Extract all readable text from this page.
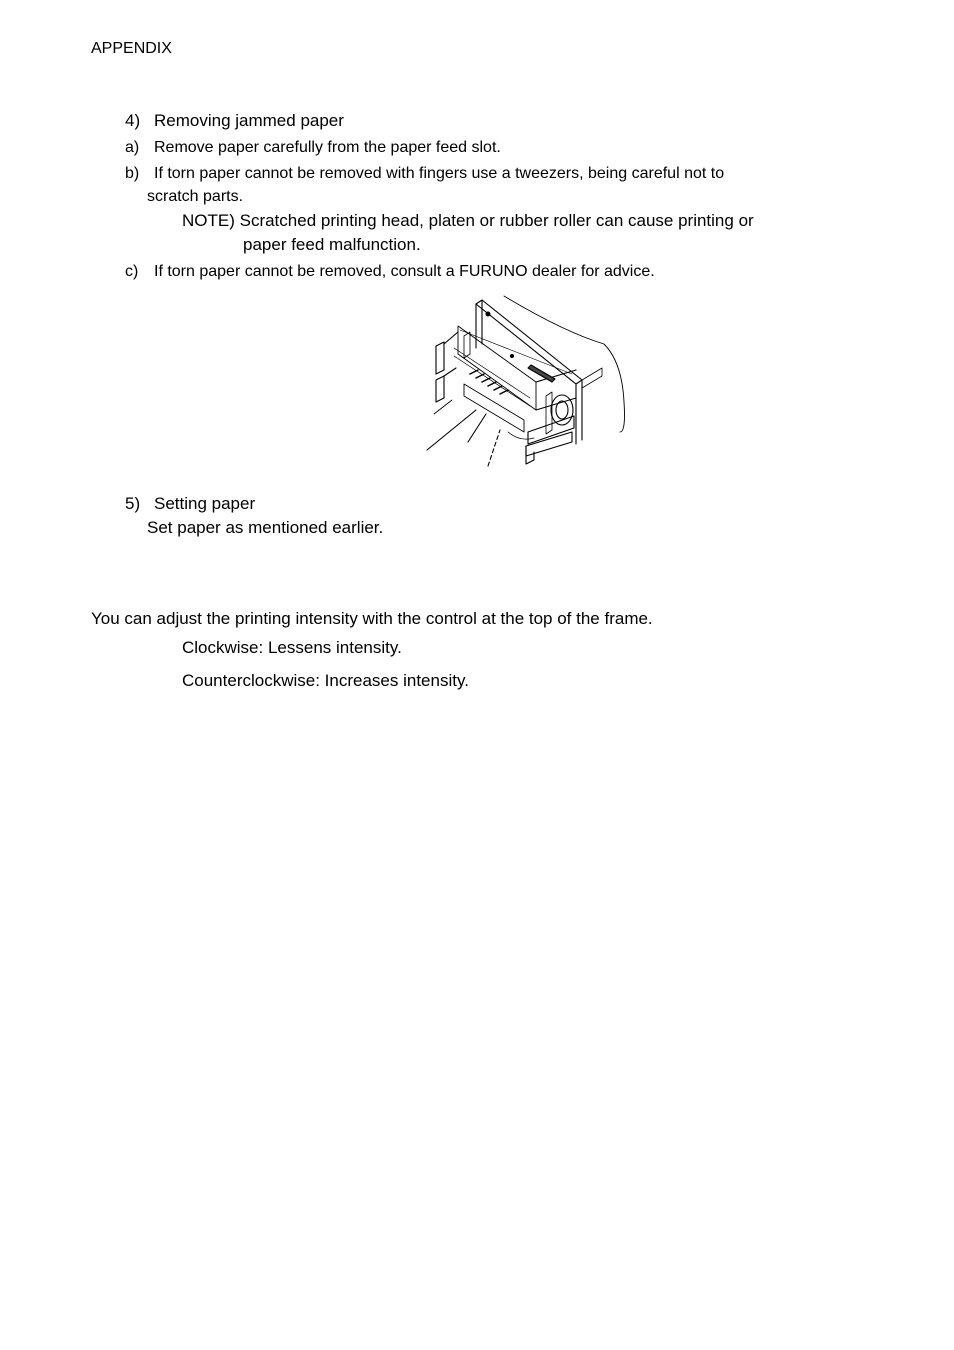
APPENDIX
4) Removing jammed paper
a) Remove paper carefully from the paper feed slot.
b) If torn paper cannot be removed with fingers use a tweezers, being careful not to
scratch parts.
NOTE) Scratched printing head, platen or rubber roller can cause printing or
paper feed malfunction.
c) If torn paper cannot be removed, consult a FURUNO dealer for advice.
5) Setting paper
Set paper as mentioned earlier.
You can adjust the printing intensity with the control at the top of the frame.
Clockwise: Lessens intensity.
Counterclockwise: Increases intensity.
